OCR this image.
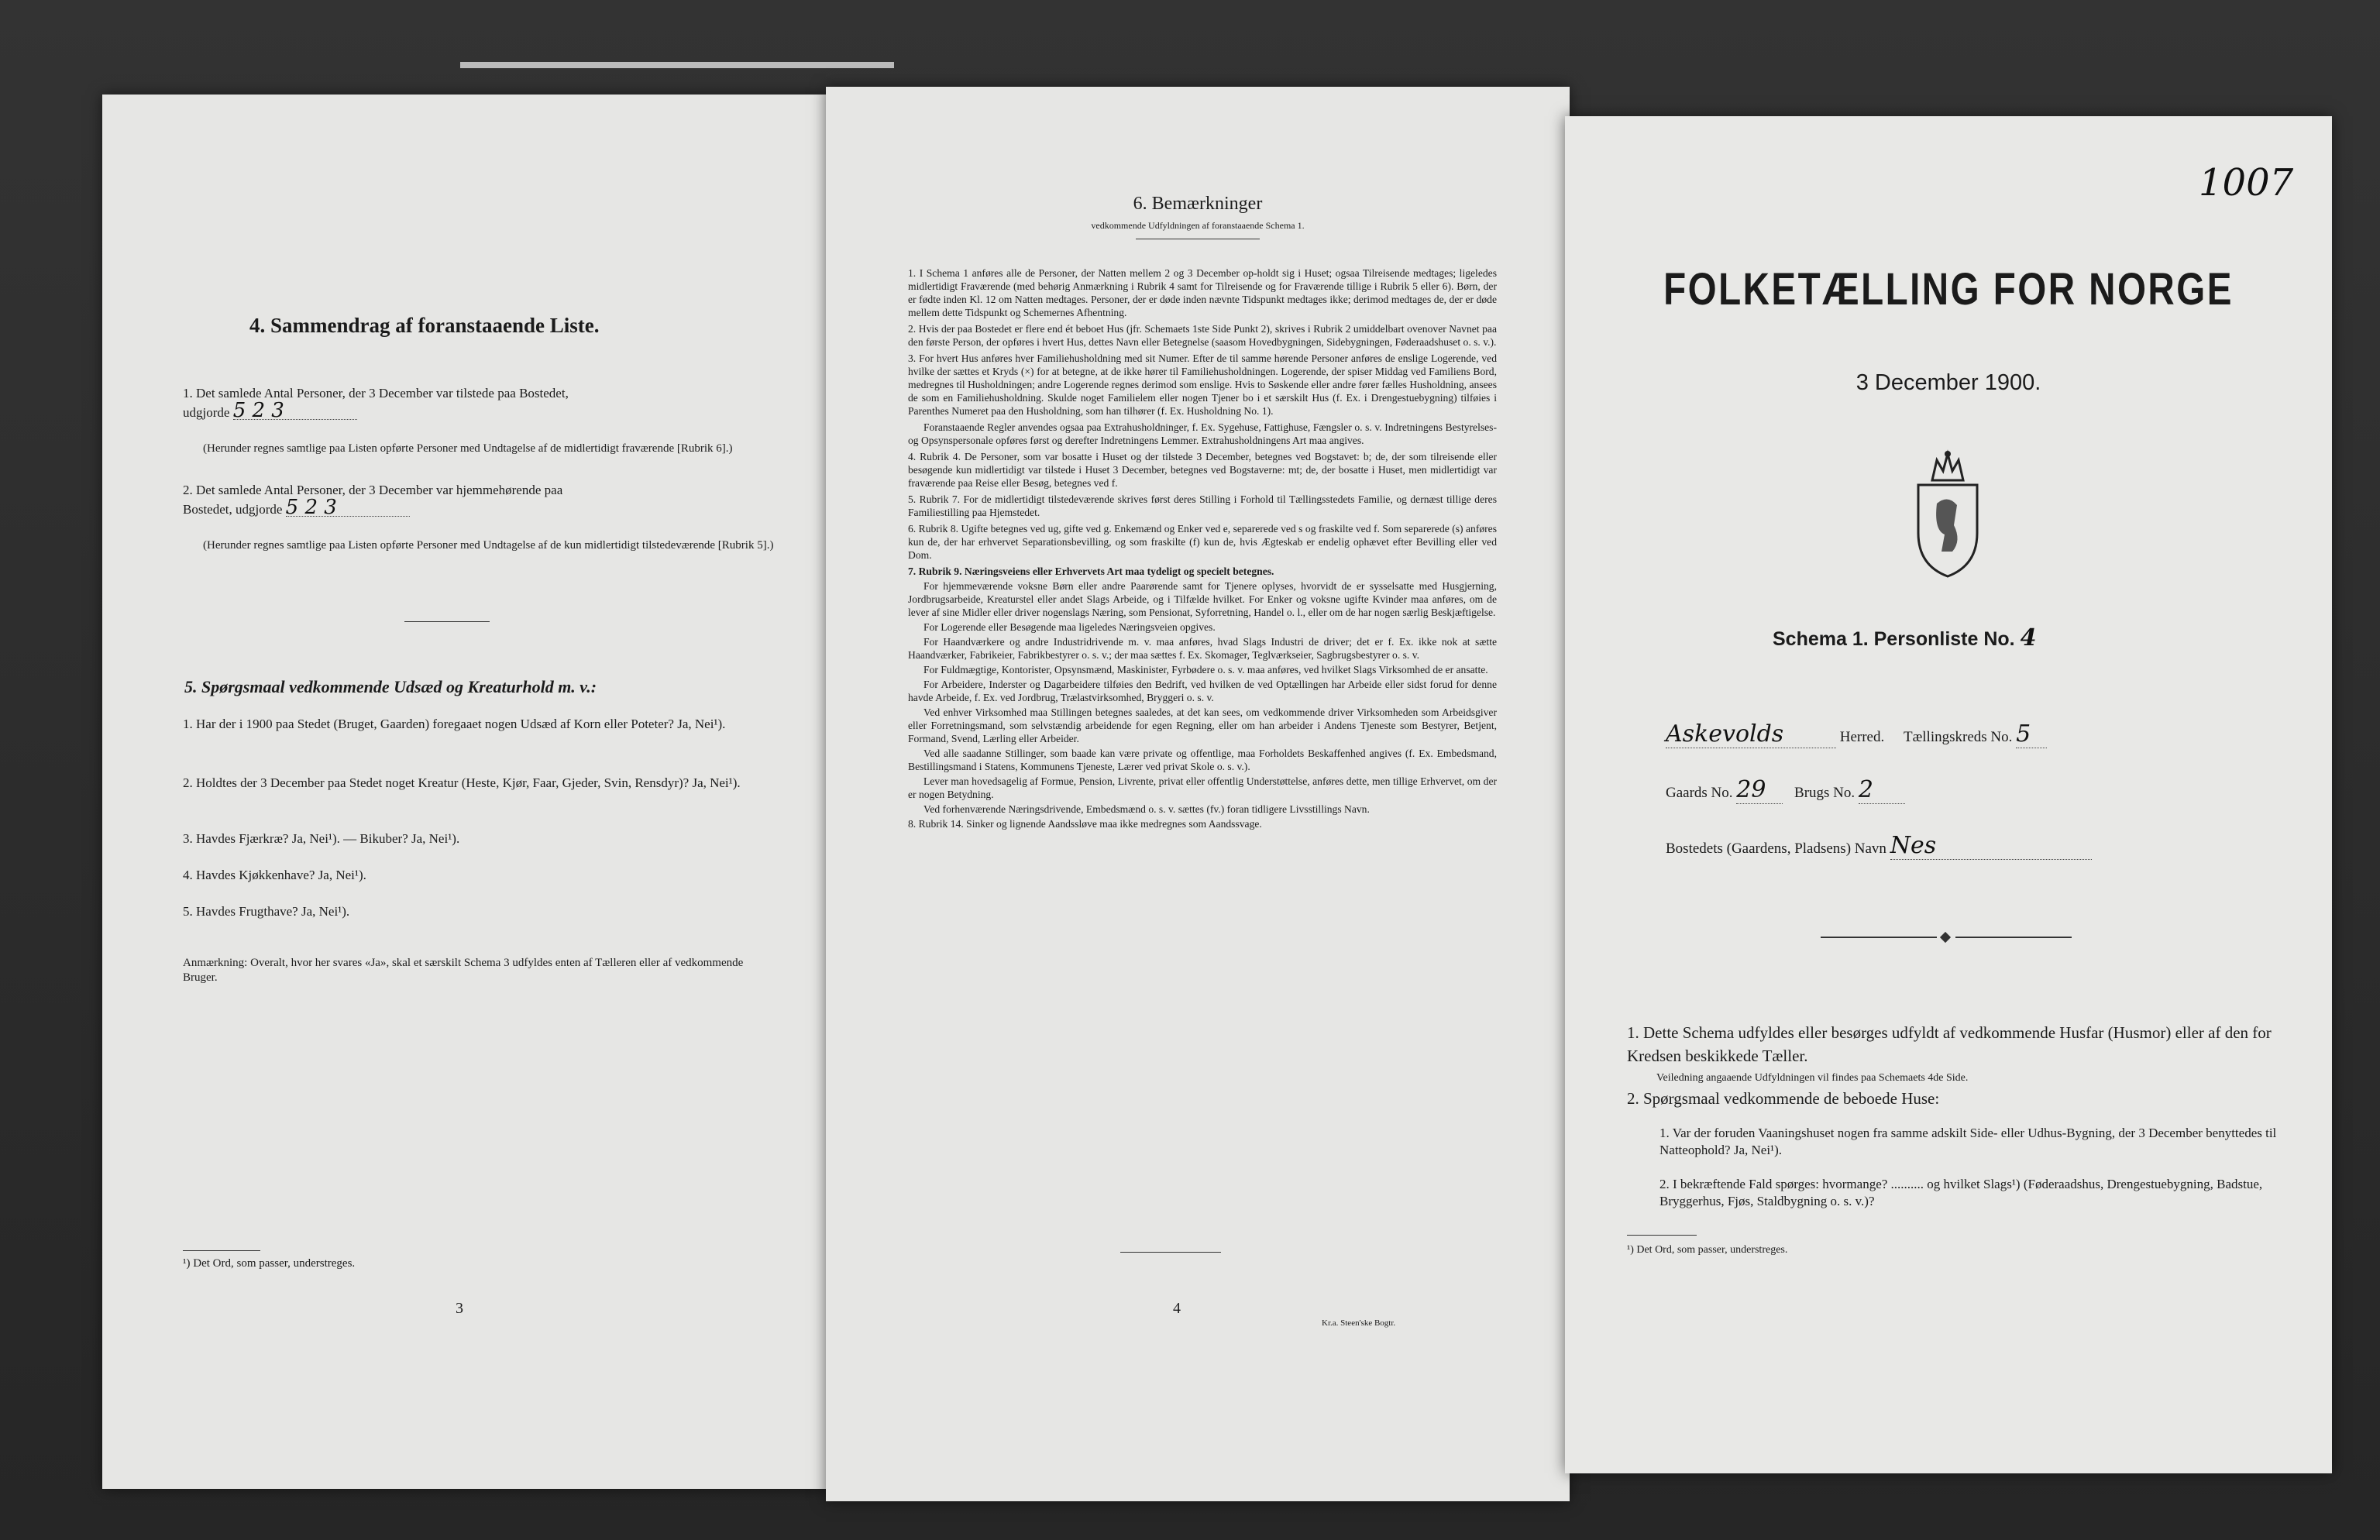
4. Sammendrag af foranstaaende Liste.
1. Det samlede Antal Personer, der 3 December var tilstede paa Bostedet,
udgjorde 5 2 3
(Herunder regnes samtlige paa Listen opførte Personer med Undtagelse af de midlertidigt fraværende [Rubrik 6].)
2. Det samlede Antal Personer, der 3 December var hjemmehørende paa
Bostedet, udgjorde 5 2 3
(Herunder regnes samtlige paa Listen opførte Personer med Undtagelse af de kun midlertidigt tilstedeværende [Rubrik 5].)
5. Spørgsmaal vedkommende Udsæd og Kreaturhold m. v.:
1. Har der i 1900 paa Stedet (Bruget, Gaarden) foregaaet nogen Udsæd af Korn eller Poteter? Ja, Nei¹).
2. Holdtes der 3 December paa Stedet noget Kreatur (Heste, Kjør, Faar, Gjeder, Svin, Rensdyr)? Ja, Nei¹).
3. Havdes Fjærkræ? Ja, Nei¹). — Bikuber? Ja, Nei¹).
4. Havdes Kjøkkenhave? Ja, Nei¹).
5. Havdes Frugthave? Ja, Nei¹).
Anmærkning: Overalt, hvor her svares «Ja», skal et særskilt Schema 3 udfyldes enten af Tælleren eller af vedkommende Bruger.
¹) Det Ord, som passer, understreges.
3
6. Bemærkninger
vedkommende Udfyldningen af foranstaaende Schema 1.

1. I Schema 1 anføres alle de Personer, der Natten mellem 2 og 3 December op-holdt sig i Huset; ogsaa Tilreisende medtages; ligeledes midlertidigt Fraværende (med behørig Anmærkning i Rubrik 4 samt for Tilreisende og for Fraværende tillige i Rubrik 5 eller 6). Børn, der er fødte inden Kl. 12 om Natten medtages. Personer, der er døde inden nævnte Tidspunkt medtages ikke; derimod medtages de, der er døde mellem dette Tidspunkt og Schemernes Afhentning.

2. Hvis der paa Bostedet er flere end ét beboet Hus (jfr. Schemaets 1ste Side Punkt 2), skrives i Rubrik 2 umiddelbart ovenover Navnet paa den første Person, der opføres i hvert Hus, dettes Navn eller Betegnelse (saasom Hovedbygningen, Sidebygningen, Føderaadshuset o. s. v.).

3. For hvert Hus anføres hver Familiehusholdning med sit Numer. Efter de til samme hørende Personer anføres de enslige Logerende, ved hvilke der sættes et Kryds (×) for at betegne, at de ikke hører til Familiehusholdningen. Logerende, der spiser Middag ved Familiens Bord, medregnes til Husholdningen; andre Logerende regnes derimod som enslige. Hvis to Søskende eller andre fører fælles Husholdning, ansees de som en Familiehusholdning. Skulde noget Familielem eller nogen Tjener bo i et særskilt Hus (f. Ex. i Drengestuebygning) tilføies i Parenthes Numeret paa den Husholdning, som han tilhører (f. Ex. Husholdning No. 1).

Foranstaaende Regler anvendes ogsaa paa Extrahusholdninger, f. Ex. Sygehuse, Fattighuse, Fængsler o. s. v. Indretningens Bestyrelses- og Opsynspersonale opføres først og derefter Indretningens Lemmer. Extrahusholdningens Art maa angives.

4. Rubrik 4. De Personer, som var bosatte i Huset og der tilstede 3 December, betegnes ved Bogstavet: b; de, der som tilreisende eller besøgende kun midlertidigt var tilstede i Huset 3 December, betegnes ved Bogstaverne: mt; de, der bosatte i Huset, men midlertidigt var fraværende paa Reise eller Besøg, betegnes ved f.

5. Rubrik 7. For de midlertidigt tilstedeværende skrives først deres Stilling i Forhold til Tællingsstedets Familie, og dernæst tillige deres Familiestilling paa Hjemstedet.

6. Rubrik 8. Ugifte betegnes ved ug, gifte ved g. Enkemænd og Enker ved e, separerede ved s og fraskilte ved f. Som separerede (s) anføres kun de, der har erhvervet Separationsbevilling, og som fraskilte (f) kun de, hvis Ægteskab er endelig ophævet efter Bevilling eller ved Dom.

7. Rubrik 9. Næringsveiens eller Erhvervets Art maa tydeligt og specielt betegnes.

For hjemmeværende voksne Børn eller andre Paarørende samt for Tjenere oplyses, hvorvidt de er sysselsatte med Husgjerning, Jordbrugsarbeide, Kreaturstel eller andet Slags Arbeide, og i Tilfælde hvilket. For Enker og voksne ugifte Kvinder maa anføres, om de lever af sine Midler eller driver nogenslags Næring, som Pensionat, Syforretning, Handel o. l., eller om de har nogen særlig Beskjæftigelse.

For Logerende eller Besøgende maa ligeledes Næringsveien opgives.

For Haandværkere og andre Industridrivende m. v. maa anføres, hvad Slags Industri de driver; det er f. Ex. ikke nok at sætte Haandværker, Fabrikeier, Fabrikbestyrer o. s. v.; der maa sættes f. Ex. Skomager, Teglværkseier, Sagbrugsbestyrer o. s. v.

For Fuldmægtige, Kontorister, Opsynsmænd, Maskinister, Fyrbødere o. s. v. maa anføres, ved hvilket Slags Virksomhed de er ansatte.

For Arbeidere, Inderster og Dagarbeidere tilføies den Bedrift, ved hvilken de ved Optællingen har Arbeide eller sidst forud for denne havde Arbeide, f. Ex. ved Jordbrug, Trælastvirksomhed, Bryggeri o. s. v.

Ved enhver Virksomhed maa Stillingen betegnes saaledes, at det kan sees, om vedkommende driver Virksomheden som Arbeidsgiver eller Forretningsmand, som selvstændig arbeidende for egen Regning, eller om han arbeider i Andens Tjeneste som Bestyrer, Betjent, Formand, Svend, Lærling eller Arbeider.

Ved alle saadanne Stillinger, som baade kan være private og offentlige, maa Forholdets Beskaffenhed angives (f. Ex. Embedsmand, Bestillingsmand i Statens, Kommunens Tjeneste, Lærer ved privat Skole o. s. v.).

Lever man hovedsagelig af Formue, Pension, Livrente, privat eller offentlig Understøttelse, anføres dette, men tillige Erhvervet, om der er nogen Betydning.

Ved forhenværende Næringsdrivende, Embedsmænd o. s. v. sættes (fv.) foran tidligere Livsstillings Navn.

8. Rubrik 14. Sinker og lignende Aandssløve maa ikke medregnes som Aandssvage.

4
Kr.a. Steen'ske Bogtr.
1007
FOLKETÆLLING FOR NORGE
3 December 1900.
Schema 1. Personliste No. 4
Askevolds	Herred. Tællingskreds No. 5
Gaards No. 29 Brugs No. 2
Bostedets (Gaardens, Pladsens) Navn Nes
1. Dette Schema udfyldes eller besørges udfyldt af vedkommende Husfar (Husmor) eller af den for Kredsen beskikkede Tæller.
Veiledning angaaende Udfyldningen vil findes paa Schemaets 4de Side.
2. Spørgsmaal vedkommende de beboede Huse:
1. Var der foruden Vaaningshuset nogen fra samme adskilt Side- eller Udhus-Bygning, der 3 December benyttedes til Natteophold? Ja, Nei¹).
2. I bekræftende Fald spørges: hvormange? .......... og hvilket Slags¹) (Føderaadshus, Drengestuebygning, Badstue, Bryggerhus, Fjøs, Staldbygning o. s. v.)?
¹) Det Ord, som passer, understreges.
